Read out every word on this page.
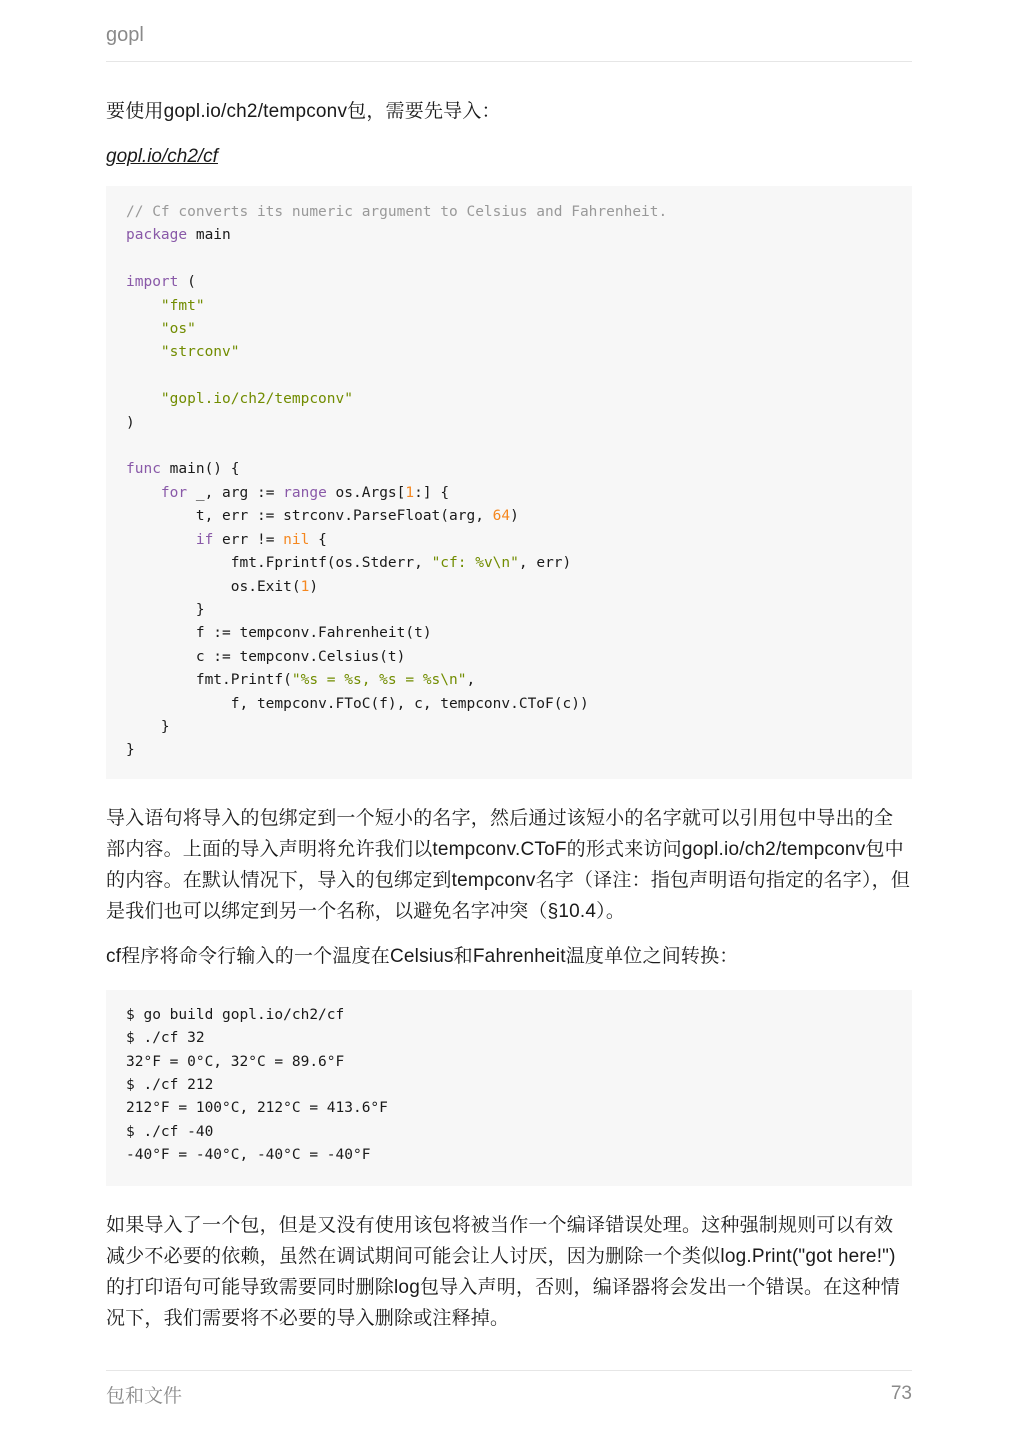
gopl

要使用gopl.io/ch2/tempconv包，需要先导入：

gopl.io/ch2/cf
// Cf converts its numeric argument to Celsius and Fahrenheit.
package main

import (
"fmt"
"os"
"strconv"

"gopl.io/ch2/tempconv"
)

func main() {
for _, arg := range os.Args[1:] {
t, err := strconv.ParseFloat(arg, 64)
if err != nil {
fmt.Fprintf(os.Stderr, "cf: %v\n", err)
os.Exit(1)
}
f := tempconv.Fahrenheit(t)
c := tempconv.Celsius(t)
fmt.Printf("%s = %s, %s = %s\n",
f, tempconv.FToC(f), c, tempconv.CToF(c))
}
}

导入语句将导入的包绑定到一个短小的名字，然后通过该短小的名字就可以引用包中导出的全部内容。上面的导入声明将允许我们以tempconv.CToF的形式来访问gopl.io/ch2/tempconv包中的内容。在默认情况下，导入的包绑定到tempconv名字（译注：指包声明语句指定的名字），但是我们也可以绑定到另一个名称，以避免名字冲突（§10.4）。

cf程序将命令行输入的一个温度在Celsius和Fahrenheit温度单位之间转换：

$ go build gopl.io/ch2/cf
$ ./cf 32
32°F = 0°C, 32°C = 89.6°F
$ ./cf 212
212°F = 100°C, 212°C = 413.6°F
$ ./cf -40
-40°F = -40°C, -40°C = -40°F

如果导入了一个包，但是又没有使用该包将被当作一个编译错误处理。这种强制规则可以有效减少不必要的依赖，虽然在调试期间可能会让人讨厌，因为删除一个类似log.Print("got here!")的打印语句可能导致需要同时删除log包导入声明，否则，编译器将会发出一个错误。在这种情况下，我们需要将不必要的导入删除或注释掉。

包和文件	73
